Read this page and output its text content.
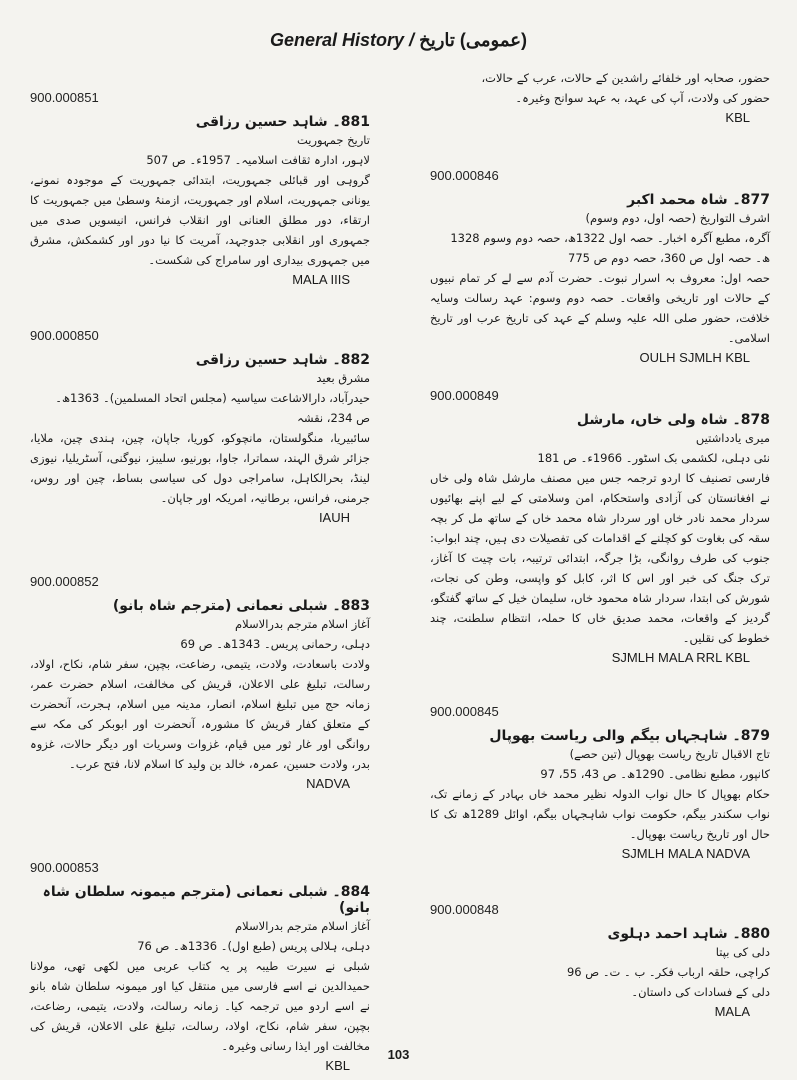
General History / (عمومی) تاریخ
حضور، صحابہ اور خلفائے راشدین کے حالات، عرب کے حالات،
حضور کی ولادت، آپ کی عہد، بہ عہد سوانح وغیرہ۔
KBL
900.000846
877۔ شاہ محمد اکبر
اشرف التواریخ (حصہ اول، دوم وسوم)
آگرہ، مطبع آگرہ اخبار۔ حصہ اول 1322ھ، حصہ دوم وسوم 1328
ھ۔ حصہ اول ص 360، حصہ دوم ص 775
حصہ اول: معروف بہ اسرار نبوت۔ حضرت آدم سے لے کر تمام نبیوں کے حالات اور تاریخی واقعات۔ حصہ دوم وسوم: عہد رسالت وسایہ خلافت، حضور صلی اللہ علیہ وسلم کے عہد کی تاریخ عرب اور تاریخ اسلامی۔
OULH SJMLH KBL
900.000849
878۔ شاہ ولی خاں، مارشل
میری یادداشتیں
نئی دہلی، لکشمی بک اسٹور۔ 1966ء۔ ص 181
فارسی تصنیف کا اردو ترجمہ جس میں مصنف مارشل شاہ ولی خاں نے افغانستان کی آزادی واستحکام، امن وسلامتی کے لیے اپنے بھائیوں سردار محمد نادر خاں اور سردار شاہ محمد خاں کے ساتھ مل کر بچہ سقہ کی بغاوت کو کچلنے کے اقدامات کی تفصیلات دی ہیں، چند ابواب: جنوب کی طرف روانگی، بڑا جرگہ، ابتدائی ترتیبہ، بات چیت کا آغاز، ترک جنگ کی خبر اور اس کا اثر، کابل کو واپسی، وطن کی نجات، شورش کی ابتدا، سردار شاہ محمود خاں، سلیمان خیل کے ساتھ گفتگو، گردیز کے واقعات، محمد صدیق خاں کا حملہ، انتظام سلطنت، چند خطوط کی نقلیں۔
SJMLH MALA RRL KBL
900.000845
879۔ شاہجہاں بیگم والی ریاست بھوپال
تاج الاقبال تاریخ ریاست بھوپال (تین حصے)
کانپور، مطبع نظامی۔ 1290ھ۔ ص 43، 55، 97
حکام بھوپال کا حال نواب الدولہ نظیر محمد خاں بہادر کے زمانے تک، نواب سکندر بیگم، حکومت نواب شاہجہاں بیگم، اوائل 1289ھ تک کا حال اور تاریخ ریاست بھوپال۔
SJMLH MALA NADVA
900.000848
880۔ شاہد احمد دہلوی
دلی کی بپتا
کراچی، حلقہ ارباب فکر۔ ب ۔ ت۔ ص 96
دلی کے فسادات کی داستان۔
MALA
900.000851
881۔ شاہد حسین رزاقی
تاریخ جمہوریت
لاہور، ادارہ ثقافت اسلامیہ۔ 1957ء۔ ص 507
گروہی اور قبائلی جمہوریت، ابتدائی جمہوریت کے موجودہ نمونے، یونانی جمہوریت، اسلام اور جمہوریت، ازمنۂ وسطیٰ میں جمہوریت کا ارتقاء، دور مطلق العنانی اور انقلاب فرانس، انیسویں صدی میں جمہوری اور انقلابی جدوجہد، آمریت کا نیا دور اور کشمکش، مشرق میں جمہوری بیداری اور سامراج کی شکست۔
MALA IIIS
900.000850
882۔ شاہد حسین رزاقی
مشرق بعید
حیدرآباد، دارالاشاعت سیاسیہ (مجلس اتحاد المسلمین)۔ 1363ھ۔
ص 234، نقشہ
سائبیریا، منگولستان، مانچوکو، کوریا، جاپان، چین، ہندی چین، ملایا، جزائر شرق الہند، سماترا، جاوا، بورنیو، سلیبز، نیوگنی، آسٹریلیا، نیوزی لینڈ، بحرالکاہل، سامراجی دول کی سیاسی بساط، چین اور روس، جرمنی، فرانس، برطانیہ، امریکہ اور جاپان۔
IAUH
900.000852
883۔ شبلی نعمانی (مترجم شاہ بانو)
آغاز اسلام مترجم بدرالاسلام
دہلی، رحمانی پریس۔ 1343ھ۔ ص 69
ولادت باسعادت، ولادت، یتیمی، رضاعت، بچپن، سفر شام، نکاح، اولاد، رسالت، تبلیغ علی الاعلان، قریش کی مخالفت، اسلام حضرت عمر، زمانہ حج میں تبلیغ اسلام، انصار، مدینہ میں اسلام، ہجرت، آنحضرت کے متعلق کفار قریش کا مشورہ، آنحضرت اور ابوبکر کی مکہ سے روانگی اور غار ثور میں قیام، غزوات وسریات اور دیگر حالات، غزوہ بدر، ولادت حسین، عمرہ، خالد بن ولید کا اسلام لانا، فتح عرب۔
NADVA
900.000853
884۔ شبلی نعمانی (مترجم میمونہ سلطان شاہ بانو)
آغاز اسلام مترجم بدرالاسلام
دہلی، ہلالی پریس (طبع اول)۔ 1336ھ۔ ص 76
شبلی نے سیرت طیبہ پر یہ کتاب عربی میں لکھی تھی، مولانا حمیدالدین نے اسے فارسی میں منتقل کیا اور میمونہ سلطان شاہ بانو نے اسے اردو میں ترجمہ کیا۔ زمانہ رسالت، ولادت، یتیمی، رضاعت، بچپن، سفر شام، نکاح، اولاد، رسالت، تبلیغ علی الاعلان، قریش کی مخالفت اور ایذا رسانی وغیرہ۔
KBL
103
